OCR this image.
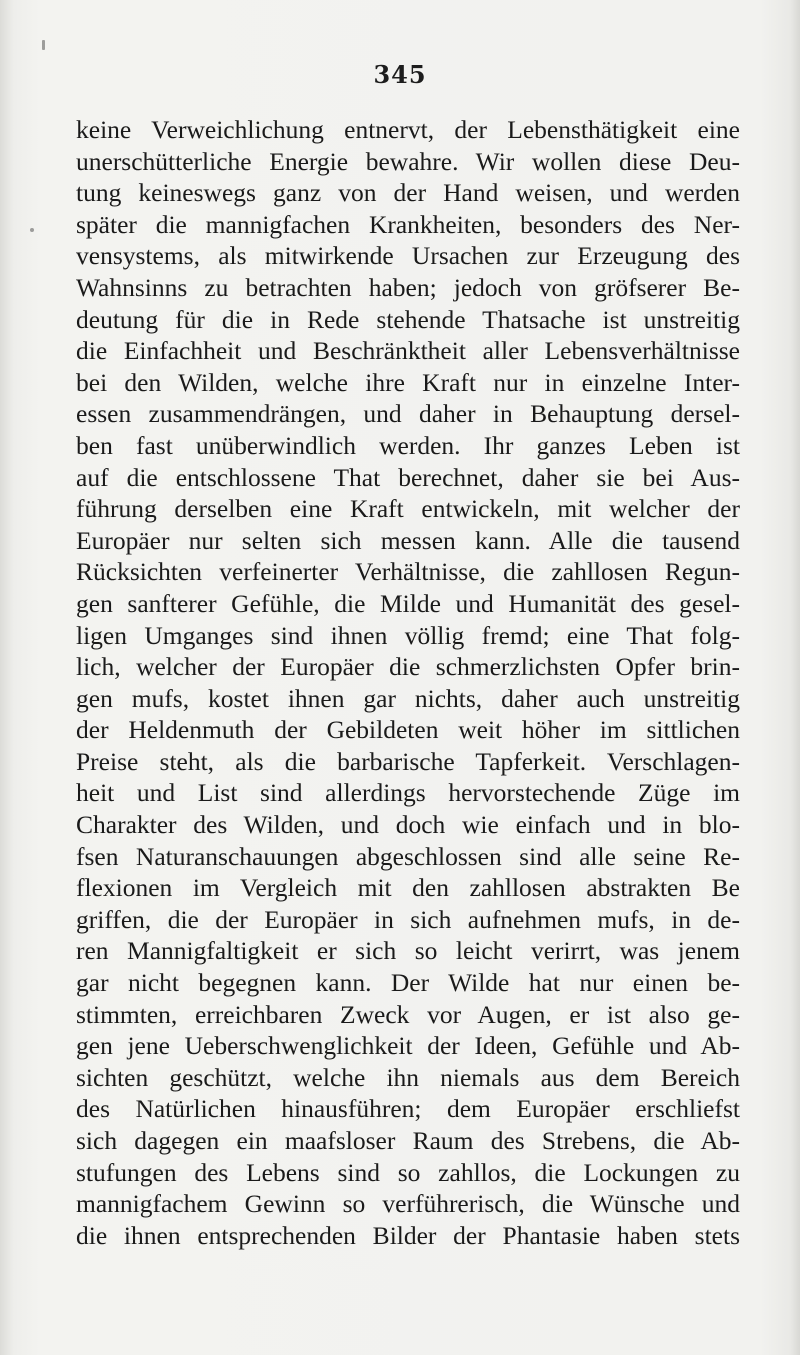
345
keine Verweichlichung entnervt, der Lebensthätigkeit eine
unerschütterliche Energie bewahre. Wir wollen diese Deu-
tung keineswegs ganz von der Hand weisen, und werden
später die mannigfachen Krankheiten, besonders des Ner-
vensystems, als mitwirkende Ursachen zur Erzeugung des
Wahnsinns zu betrachten haben; jedoch von gröfserer Be-
deutung für die in Rede stehende Thatsache ist unstreitig
die Einfachheit und Beschränktheit aller Lebensverhältnisse
bei den Wilden, welche ihre Kraft nur in einzelne Inter-
essen zusammendrängen, und daher in Behauptung dersel-
ben fast unüberwindlich werden. Ihr ganzes Leben ist
auf die entschlossene That berechnet, daher sie bei Aus-
führung derselben eine Kraft entwickeln, mit welcher der
Europäer nur selten sich messen kann. Alle die tausend
Rücksichten verfeinerter Verhältnisse, die zahllosen Regun-
gen sanfterer Gefühle, die Milde und Humanität des gesel-
ligen Umganges sind ihnen völlig fremd; eine That folg-
lich, welcher der Europäer die schmerzlichsten Opfer brin-
gen mufs, kostet ihnen gar nichts, daher auch unstreitig
der Heldenmuth der Gebildeten weit höher im sittlichen
Preise steht, als die barbarische Tapferkeit. Verschlagen-
heit und List sind allerdings hervorstechende Züge im
Charakter des Wilden, und doch wie einfach und in blo-
fsen Naturanschauungen abgeschlossen sind alle seine Re-
flexionen im Vergleich mit den zahllosen abstrakten Be
griffen, die der Europäer in sich aufnehmen mufs, in de-
ren Mannigfaltigkeit er sich so leicht verirrt, was jenem
gar nicht begegnen kann. Der Wilde hat nur einen be-
stimmten, erreichbaren Zweck vor Augen, er ist also ge-
gen jene Ueberschwenglichkeit der Ideen, Gefühle und Ab-
sichten geschützt, welche ihn niemals aus dem Bereich
des Natürlichen hinausführen; dem Europäer erschliefst
sich dagegen ein maafsloser Raum des Strebens, die Ab-
stufungen des Lebens sind so zahllos, die Lockungen zu
mannigfachem Gewinn so verführerisch, die Wünsche und
die ihnen entsprechenden Bilder der Phantasie haben stets
